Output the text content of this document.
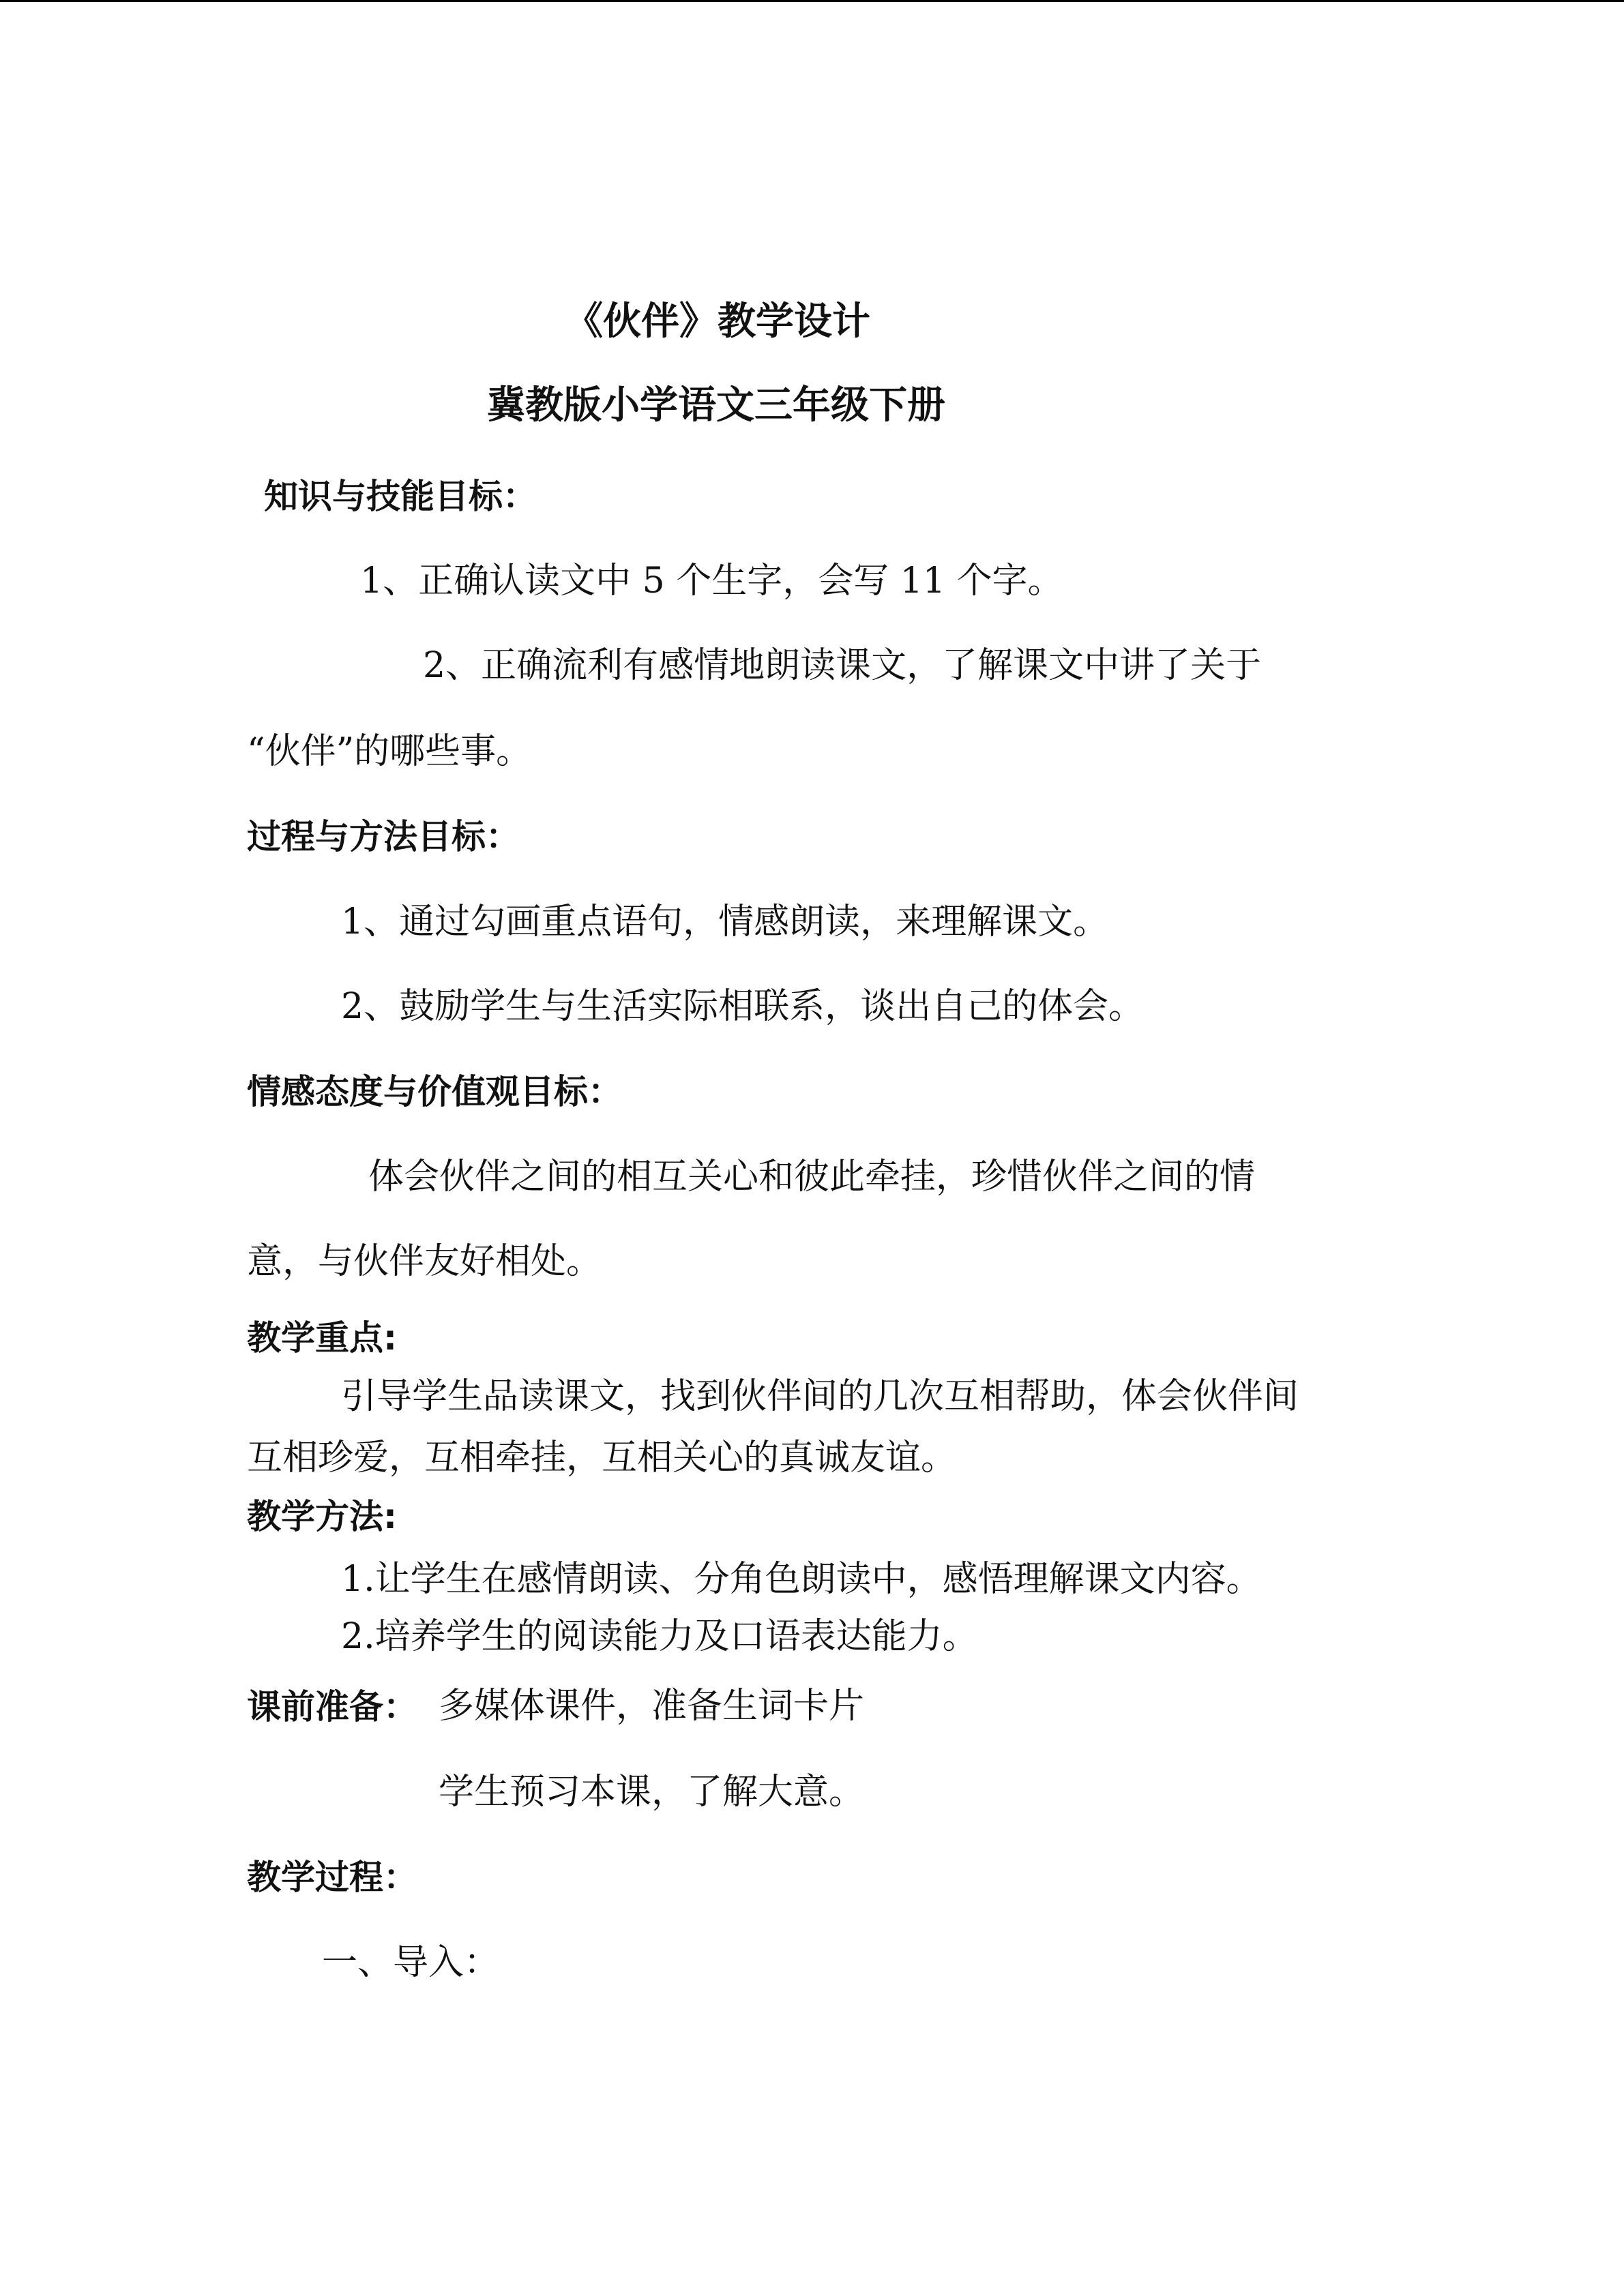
《伙伴》教学设计
冀教版小学语文三年级下册
知识与技能目标：
1、正确认读文中 5 个生字，会写 11 个字。
2、正确流利有感情地朗读课文，了解课文中讲了关于
“伙伴”的哪些事。
过程与方法目标：
1、通过勾画重点语句，情感朗读，来理解课文。
2、鼓励学生与生活实际相联系，谈出自己的体会。
情感态度与价值观目标：
体会伙伴之间的相互关心和彼此牵挂，珍惜伙伴之间的情
意，与伙伴友好相处。
教学重点:
引导学生品读课文，找到伙伴间的几次互相帮助，体会伙伴间
互相珍爱，互相牵挂，互相关心的真诚友谊。
教学方法:
1.让学生在感情朗读、分角色朗读中，感悟理解课文内容。
2.培养学生的阅读能力及口语表达能力。
课前准备： 多媒体课件，准备生词卡片
学生预习本课，了解大意。
教学过程：
一、导入：
